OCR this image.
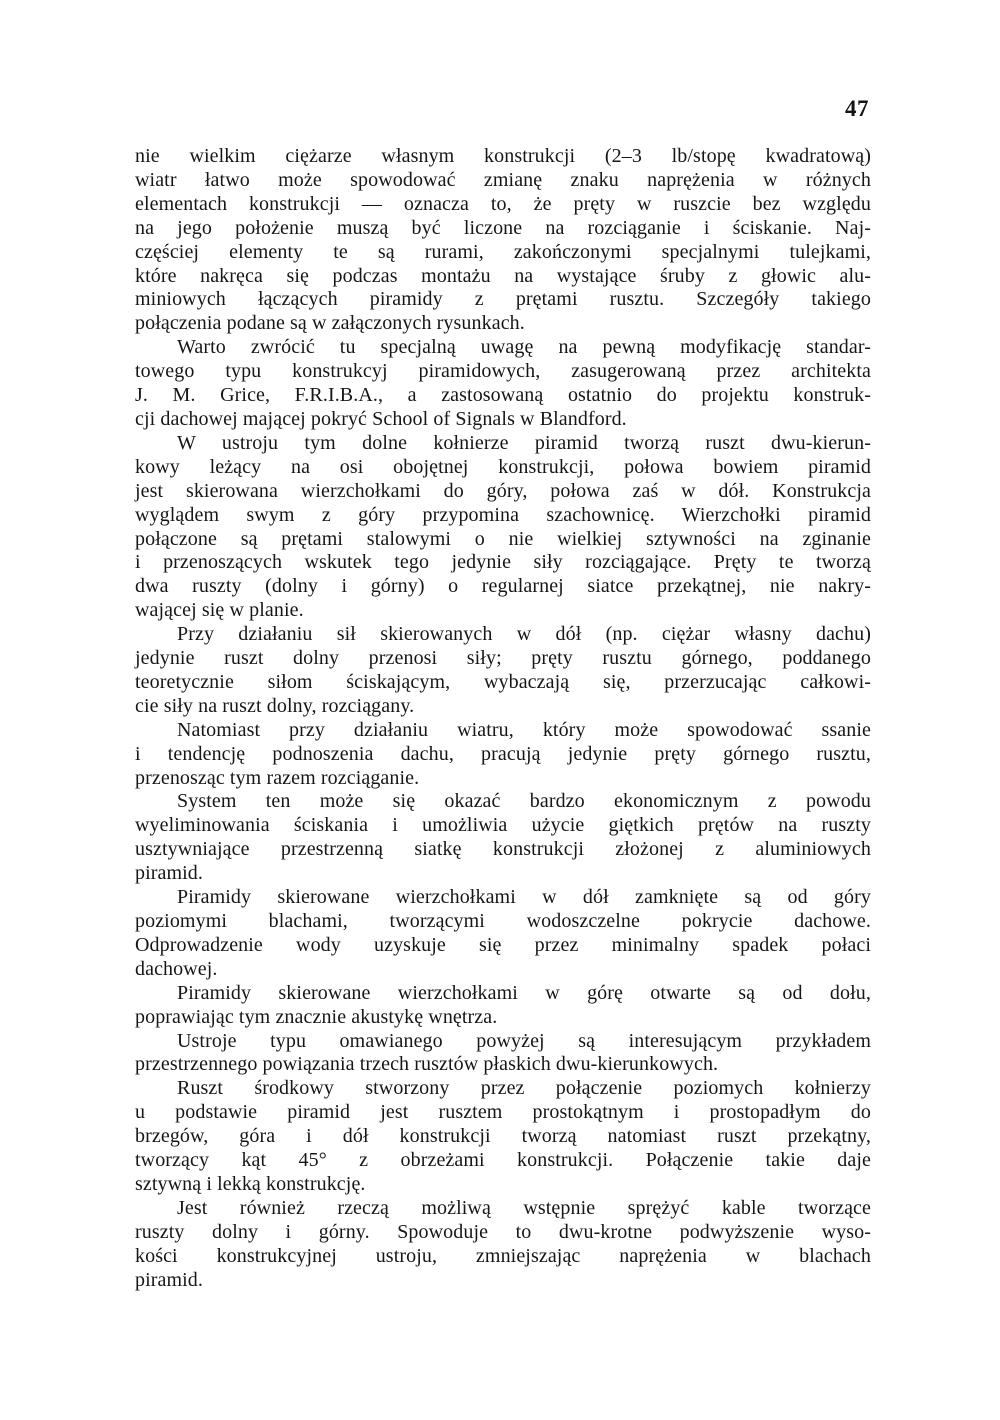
47
nie wielkim ciężarze własnym konstrukcji (2–3 lb/stopę kwadratową)
wiatr łatwo może spowodować zmianę znaku naprężenia w różnych
elementach konstrukcji — oznacza to, że pręty w ruszcie bez względu
na jego położenie muszą być liczone na rozciąganie i ściskanie. Naj-
częściej elementy te są rurami, zakończonymi specjalnymi tulejkami,
które nakręca się podczas montażu na wystające śruby z głowic alu-
miniowych łączących piramidy z prętami rusztu. Szczegóły takiego
połączenia podane są w załączonych rysunkach.
Warto zwrócić tu specjalną uwagę na pewną modyfikację standar-
towego typu konstrukcyj piramidowych, zasugerowaną przez architekta
J. M. Grice, F.R.I.B.A., a zastosowaną ostatnio do projektu konstruk-
cji dachowej mającej pokryć School of Signals w Blandford.
W ustroju tym dolne kołnierze piramid tworzą ruszt dwu-kierun-
kowy leżący na osi obojętnej konstrukcji, połowa bowiem piramid
jest skierowana wierzchołkami do góry, połowa zaś w dół. Konstrukcja
wyglądem swym z góry przypomina szachownicę. Wierzchołki piramid
połączone są prętami stalowymi o nie wielkiej sztywności na zginanie
i przenoszących wskutek tego jedynie siły rozciągające. Pręty te tworzą
dwa ruszty (dolny i górny) o regularnej siatce przekątnej, nie nakry-
wającej się w planie.
Przy działaniu sił skierowanych w dół (np. ciężar własny dachu)
jedynie ruszt dolny przenosi siły; pręty rusztu górnego, poddanego
teoretycznie siłom ściskającym, wybaczają się, przerzucając całkowi-
cie siły na ruszt dolny, rozciągany.
Natomiast przy działaniu wiatru, który może spowodować ssanie
i tendencję podnoszenia dachu, pracują jedynie pręty górnego rusztu,
przenosząc tym razem rozciąganie.
System ten może się okazać bardzo ekonomicznym z powodu
wyeliminowania ściskania i umożliwia użycie giętkich prętów na ruszty
usztywniające przestrzenną siatkę konstrukcji złożonej z aluminiowych
piramid.
Piramidy skierowane wierzchołkami w dół zamknięte są od góry
poziomymi blachami, tworzącymi wodoszczelne pokrycie dachowe.
Odprowadzenie wody uzyskuje się przez minimalny spadek połaci
dachowej.
Piramidy skierowane wierzchołkami w górę otwarte są od dołu,
poprawiając tym znacznie akustykę wnętrza.
Ustroje typu omawianego powyżej są interesującym przykładem
przestrzennego powiązania trzech rusztów płaskich dwu-kierunkowych.
Ruszt środkowy stworzony przez połączenie poziomych kołnierzy
u podstawie piramid jest rusztem prostokątnym i prostopadłym do
brzegów, góra i dół konstrukcji tworzą natomiast ruszt przekątny,
tworzący kąt 45° z obrzeżami konstrukcji. Połączenie takie daje
sztywną i lekką konstrukcję.
Jest również rzeczą możliwą wstępnie sprężyć kable tworzące
ruszty dolny i górny. Spowoduje to dwu-krotne podwyższenie wyso-
kości konstrukcyjnej ustroju, zmniejszając naprężenia w blachach
piramid.
